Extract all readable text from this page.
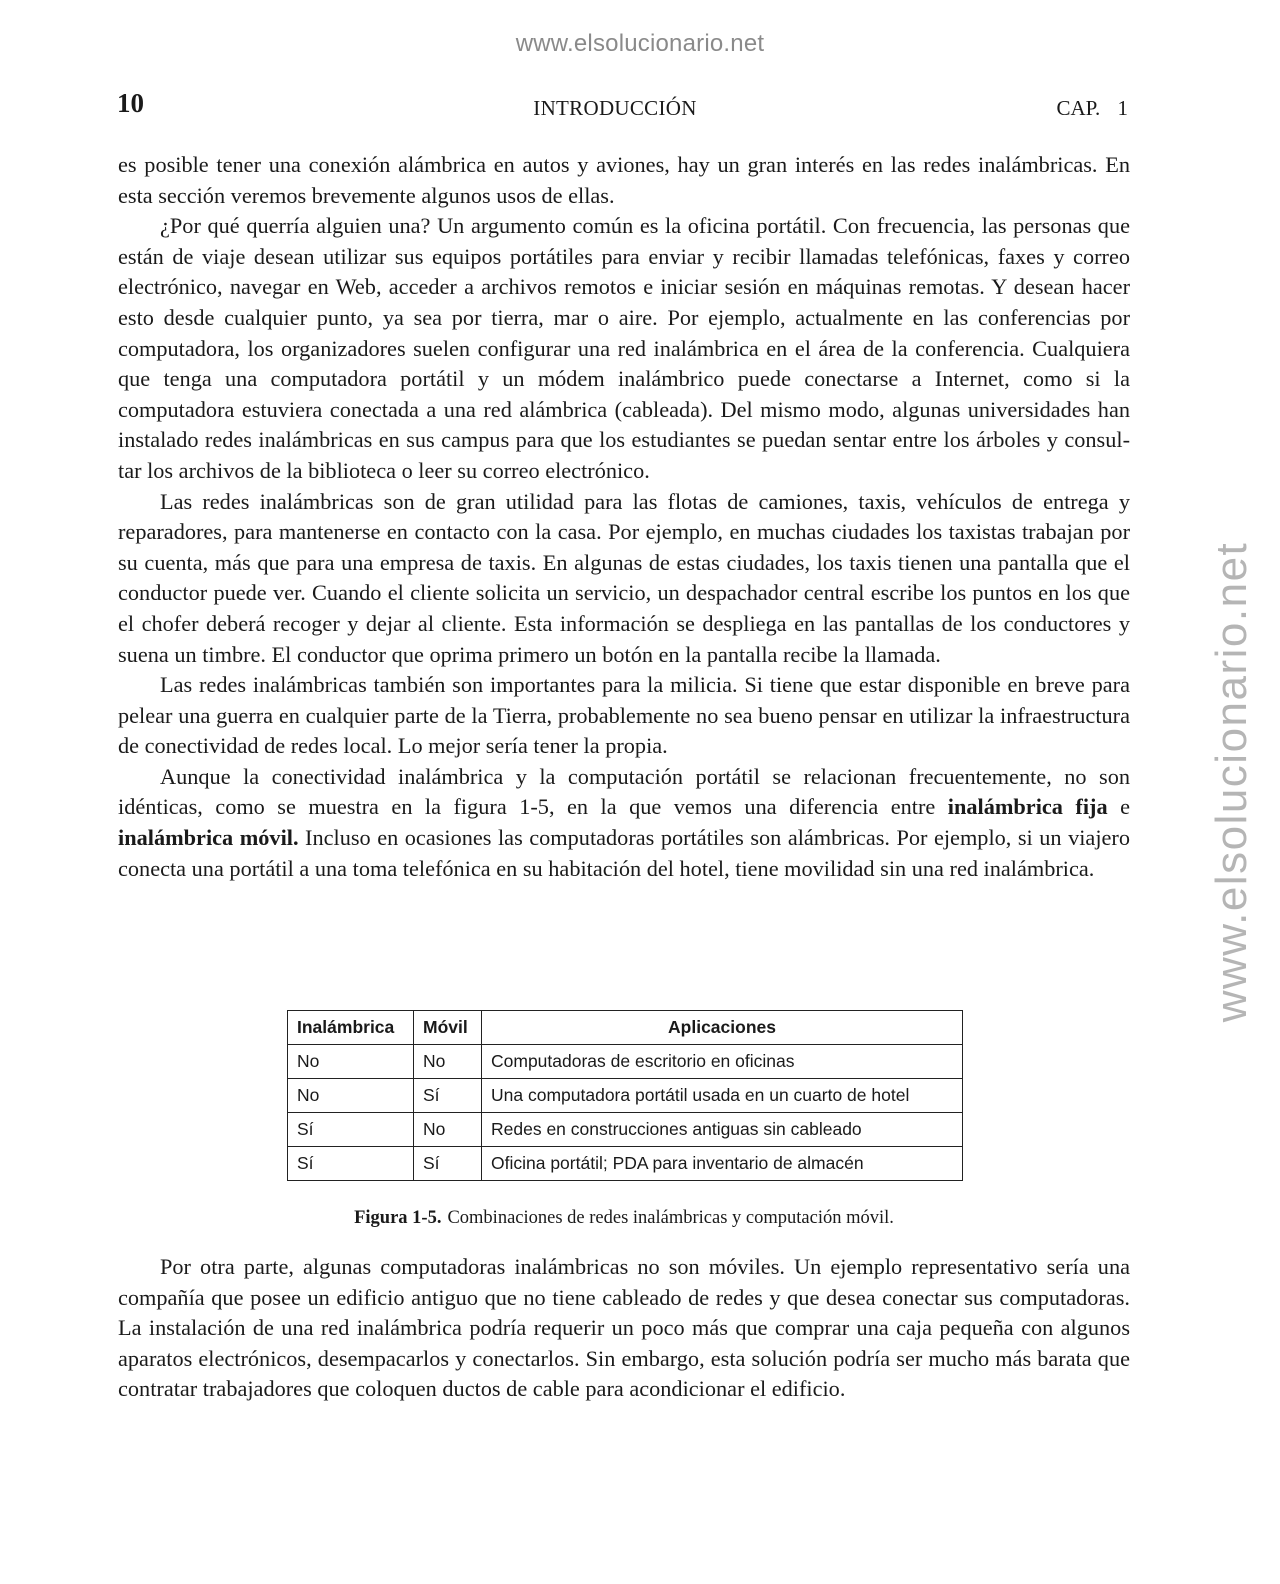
www.elsolucionario.net
www.elsolucionario.net
10	INTRODUCCIÓN	CAP. 1

es posible tener una conexión alámbrica en autos y aviones, hay un gran interés en las redes inalámbricas. En esta sección veremos brevemente algunos usos de ellas.

¿Por qué querría alguien una? Un argumento común es la oficina portátil. Con frecuencia, las personas que están de viaje desean utilizar sus equipos portátiles para enviar y recibir llamadas telefónicas, faxes y correo electrónico, navegar en Web, acceder a archivos remotos e iniciar sesión en máquinas remotas. Y desean hacer esto desde cualquier punto, ya sea por tierra, mar o aire. Por ejemplo, actualmente en las conferencias por computadora, los organizadores suelen configurar una red inalámbrica en el área de la conferencia. Cualquiera que tenga una computadora portátil y un módem inalámbrico puede conectarse a Internet, como si la computadora estuviera conectada a una red alámbrica (cableada). Del mismo modo, algunas universidades han instalado redes inalámbricas en sus campus para que los estudiantes se puedan sentar entre los árboles y consultar los archivos de la biblioteca o leer su correo electrónico.

Las redes inalámbricas son de gran utilidad para las flotas de camiones, taxis, vehículos de entrega y reparadores, para mantenerse en contacto con la casa. Por ejemplo, en muchas ciudades los taxistas trabajan por su cuenta, más que para una empresa de taxis. En algunas de estas ciudades, los taxis tienen una pantalla que el conductor puede ver. Cuando el cliente solicita un servicio, un despachador central escribe los puntos en los que el chofer deberá recoger y dejar al cliente. Esta información se despliega en las pantallas de los conductores y suena un timbre. El conductor que oprima primero un botón en la pantalla recibe la llamada.

Las redes inalámbricas también son importantes para la milicia. Si tiene que estar disponible en breve para pelear una guerra en cualquier parte de la Tierra, probablemente no sea bueno pensar en utilizar la infraestructura de conectividad de redes local. Lo mejor sería tener la propia.

Aunque la conectividad inalámbrica y la computación portátil se relacionan frecuentemente, no son idénticas, como se muestra en la figura 1-5, en la que vemos una diferencia entre inalámbrica fija e inalámbrica móvil. Incluso en ocasiones las computadoras portátiles son alámbricas. Por ejemplo, si un viajero conecta una portátil a una toma telefónica en su habitación del hotel, tiene movilidad sin una red inalámbrica.

Inalámbrica	Móvil	Aplicaciones
No	No	Computadoras de escritorio en oficinas
No	Sí	Una computadora portátil usada en un cuarto de hotel
Sí	No	Redes en construcciones antiguas sin cableado
Sí	Sí	Oficina portátil; PDA para inventario de almacén
Figura 1-5. Combinaciones de redes inalámbricas y computación móvil.

Por otra parte, algunas computadoras inalámbricas no son móviles. Un ejemplo representativo sería una compañía que posee un edificio antiguo que no tiene cableado de redes y que desea conectar sus computadoras. La instalación de una red inalámbrica podría requerir un poco más que comprar una caja pequeña con algunos aparatos electrónicos, desempacarlos y conectarlos. Sin embargo, esta solución podría ser mucho más barata que contratar trabajadores que coloquen ductos de cable para acondicionar el edificio.
